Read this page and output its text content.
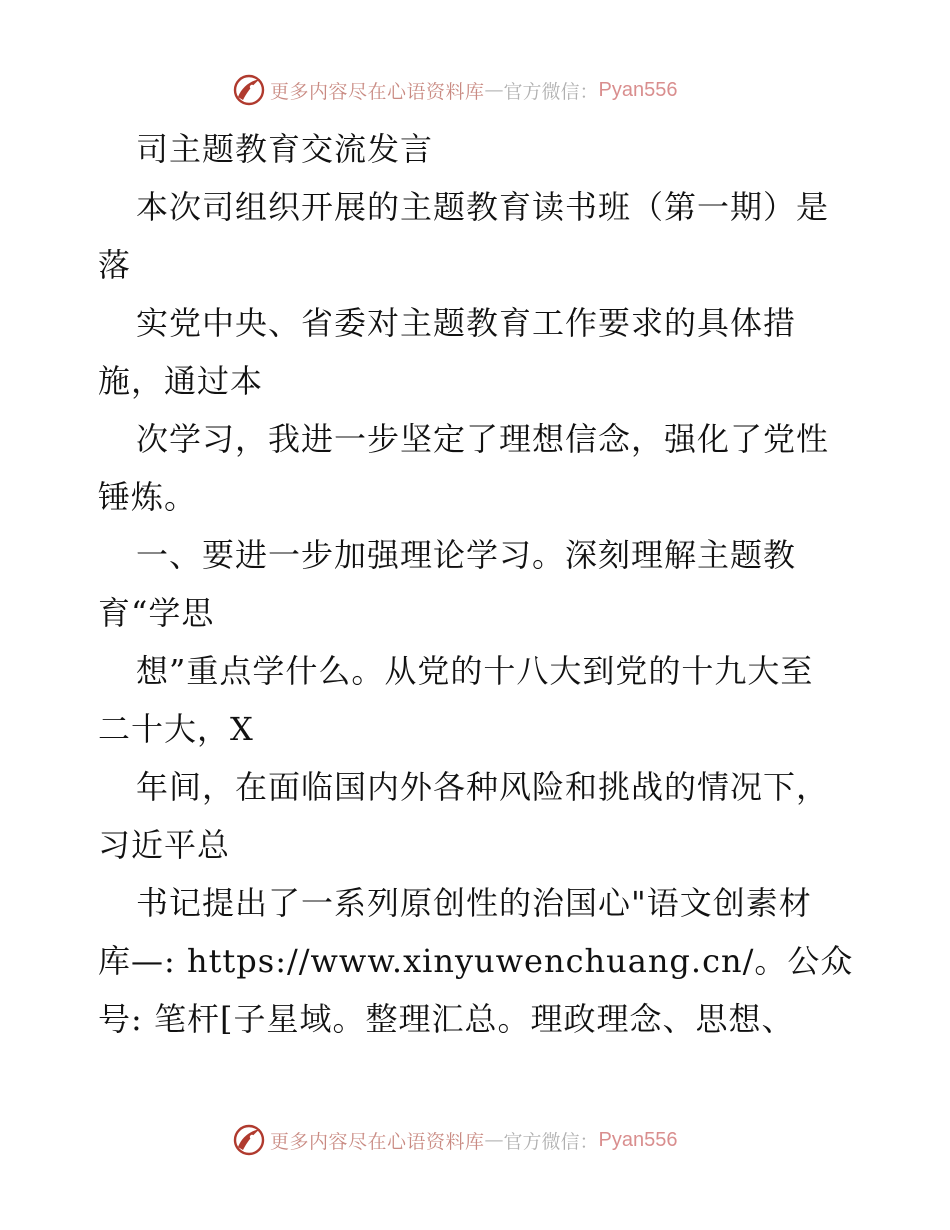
更多内容尽在心语资料库 — 官方微信： Pyan556
司主题教育交流发言
本次司组织开展的主题教育读书班（第一期）是
落
实党中央、省委对主题教育工作要求的具体措
施，通过本
次学习，我进一步坚定了理想信念，强化了党性
锤炼。
一、要进一步加强理论学习。深刻理解主题教
育“学思
想”重点学什么。从党的十八大到党的十九大至
二十大，X
年间，在面临国内外各种风险和挑战的情况下，
习近平总
书记提出了一系列原创性的治国心"语文创素材
库—: https://www.xinyuwenchuang.cn/。公众
号: 笔杆[子星域。整理汇总。理政理念、思想、
更多内容尽在心语资料库 — 官方微信： Pyan556
